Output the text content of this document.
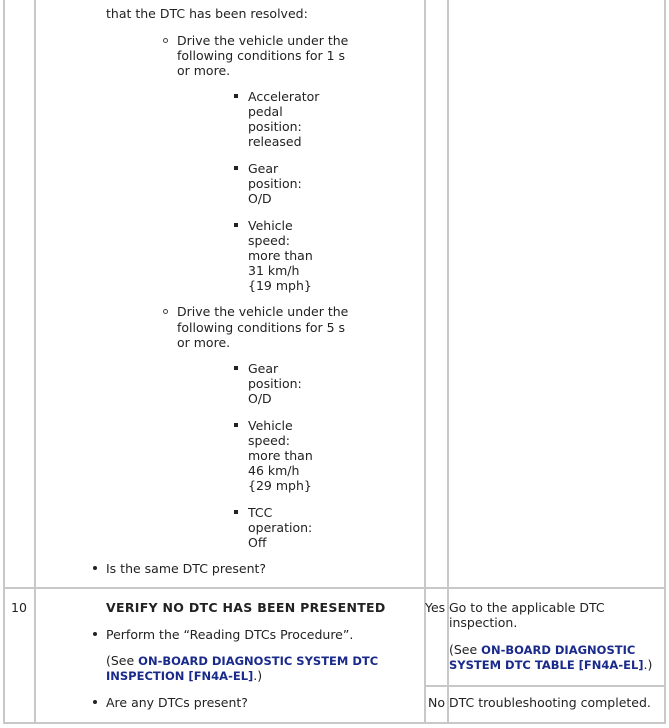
that the DTC has been resolved:
Drive the vehicle under the
following conditions for 1 s
or more.
Accelerator
pedal
position:
released
Gear
position:
O/D
Vehicle
speed:
more than
31 km/h
{19 mph}
Drive the vehicle under the
following conditions for 5 s
or more.
Gear
position:
O/D
Vehicle
speed:
more than
46 km/h
{29 mph}
TCC
operation:
Off
Is the same DTC present?
10	VERIFY NO DTC HAS BEEN PRESENTED
Perform the “Reading DTCs Procedure”.
(See ON-BOARD DIAGNOSTIC SYSTEM DTC
INSPECTION [FN4A-EL].)
Are any DTCs present?
Yes Go to the applicable DTC
inspection.
(See ON-BOARD DIAGNOSTIC
SYSTEM DTC TABLE [FN4A-EL].)
No DTC troubleshooting completed.
